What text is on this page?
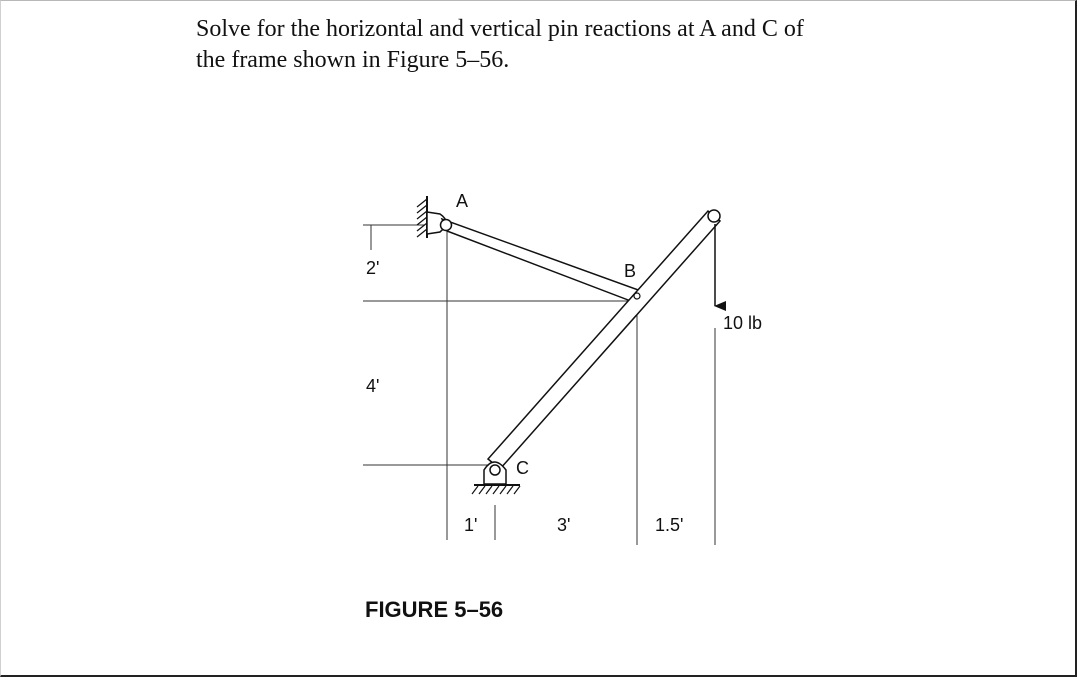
Solve for the horizontal and vertical pin reactions at A and C of
the frame shown in Figure 5–56.
A
B
C
10 lb
2'
4'
1'	3'	1.5'
FIGURE 5–56
